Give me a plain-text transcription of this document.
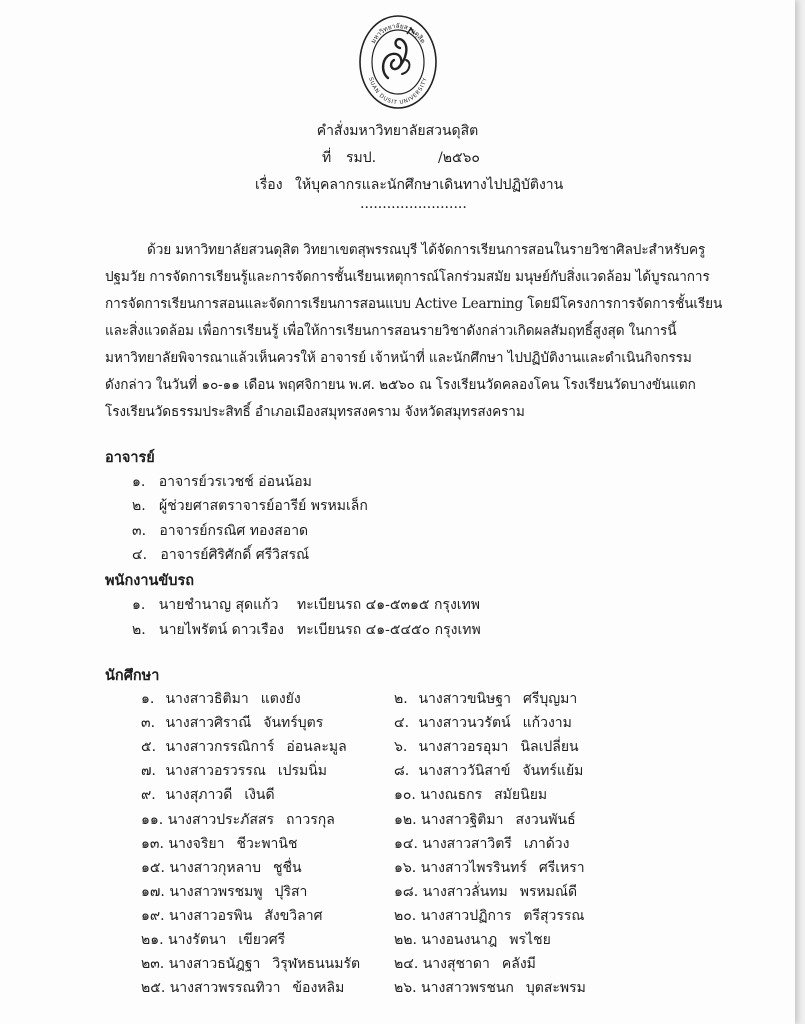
มหาวิทยาลัยสวนดุสิต
SUAN DUSIT UNIVERSITY
คำสั่งมหาวิทยาลัยสวนดุสิต
ที่ รมป.	/๒๕๖๐
เรื่อง ให้บุคลากรและนักศึกษาเดินทางไปปฏิบัติงาน
........................
ด้วย มหาวิทยาลัยสวนดุสิต วิทยาเขตสุพรรณบุรี ได้จัดการเรียนการสอนในรายวิชาศิลปะสำหรับครู
ปฐมวัย การจัดการเรียนรู้และการจัดการชั้นเรียนเหตุการณ์โลกร่วมสมัย มนุษย์กับสิ่งแวดล้อม ได้บูรณาการ
การจัดการเรียนการสอนและจัดการเรียนการสอนแบบ Active Learning โดยมีโครงการการจัดการชั้นเรียน
และสิ่งแวดล้อม เพื่อการเรียนรู้ เพื่อให้การเรียนการสอนรายวิชาดังกล่าวเกิดผลสัมฤทธิ์สูงสุด ในการนี้
มหาวิทยาลัยพิจารณาแล้วเห็นควรให้ อาจารย์ เจ้าหน้าที่ และนักศึกษา ไปปฏิบัติงานและดำเนินกิจกรรม
ดังกล่าว ในวันที่ ๑๐-๑๑ เดือน พฤศจิกายน พ.ศ. ๒๕๖๐ ณ โรงเรียนวัดคลองโคน โรงเรียนวัดบางขันแตก
โรงเรียนวัดธรรมประสิทธิ์ อำเภอเมืองสมุทรสงคราม จังหวัดสมุทรสงคราม
อาจารย์
๑. อาจารย์วรเวชช์ อ่อนน้อม
๒. ผู้ช่วยศาสตราจารย์อารีย์ พรหมเล็ก
๓. อาจารย์กรณิศ ทองสอาด
๔. อาจารย์ศิริศักดิ์ ศรีวิสรณ์
พนักงานขับรถ
๑. นายชำนาญ สุดแก้ว ทะเบียนรถ ๔๑-๕๓๑๕ กรุงเทพ
๒. นายไพรัตน์ ดาวเรือง ทะเบียนรถ ๔๑-๕๔๕๐ กรุงเทพ
นักศึกษา
๑. นางสาวธิติมา แตงยัง	๒. นางสาวขนิษฐา ศรีบุญมา
๓. นางสาวศิราณี จันทร์บุตร	๔. นางสาวนวรัตน์ แก้วงาม
๕. นางสาวกรรณิการ์ อ่อนละมูล	๖. นางสาวอรอุมา นิลเปลี่ยน
๗. นางสาวอรวรรณ เปรมนิ่ม	๘. นางสาววันิสาข์ จันทร์แย้ม
๙. นางสุภาวดี เงินดี	๑๐. นางณธกร สมัยนิยม
๑๑. นางสาวประภัสสร ถาวรกุล	๑๒. นางสาวฐิติมา สงวนพันธ์
๑๓. นางจริยา ชีวะพานิช	๑๔. นางสาวสาวิตรี เภาด้วง
๑๕. นางสาวกุหลาบ ชูชื่น	๑๖. นางสาวไพรรินทร์ ศรีเหรา
๑๗. นางสาวพรชมพู ปุริสา	๑๘. นางสาวลั่นทม พรหมณ์ดี
๑๙. นางสาวอรพิน สังขวิลาศ	๒๐. นางสาวปฏิการ ตรีสุวรรณ
๒๑. นางรัตนา เขียวศรี	๒๒. นางอนงนาฎ พรไชย
๒๓. นางสาวธนัฎฐา วิรุฬหธนนมรัต ๒๔. นางสุชาดา คลังมี
๒๕. นางสาวพรรณทิวา ข้องหลิม	๒๖. นางสาวพรชนก บุตสะพรม
